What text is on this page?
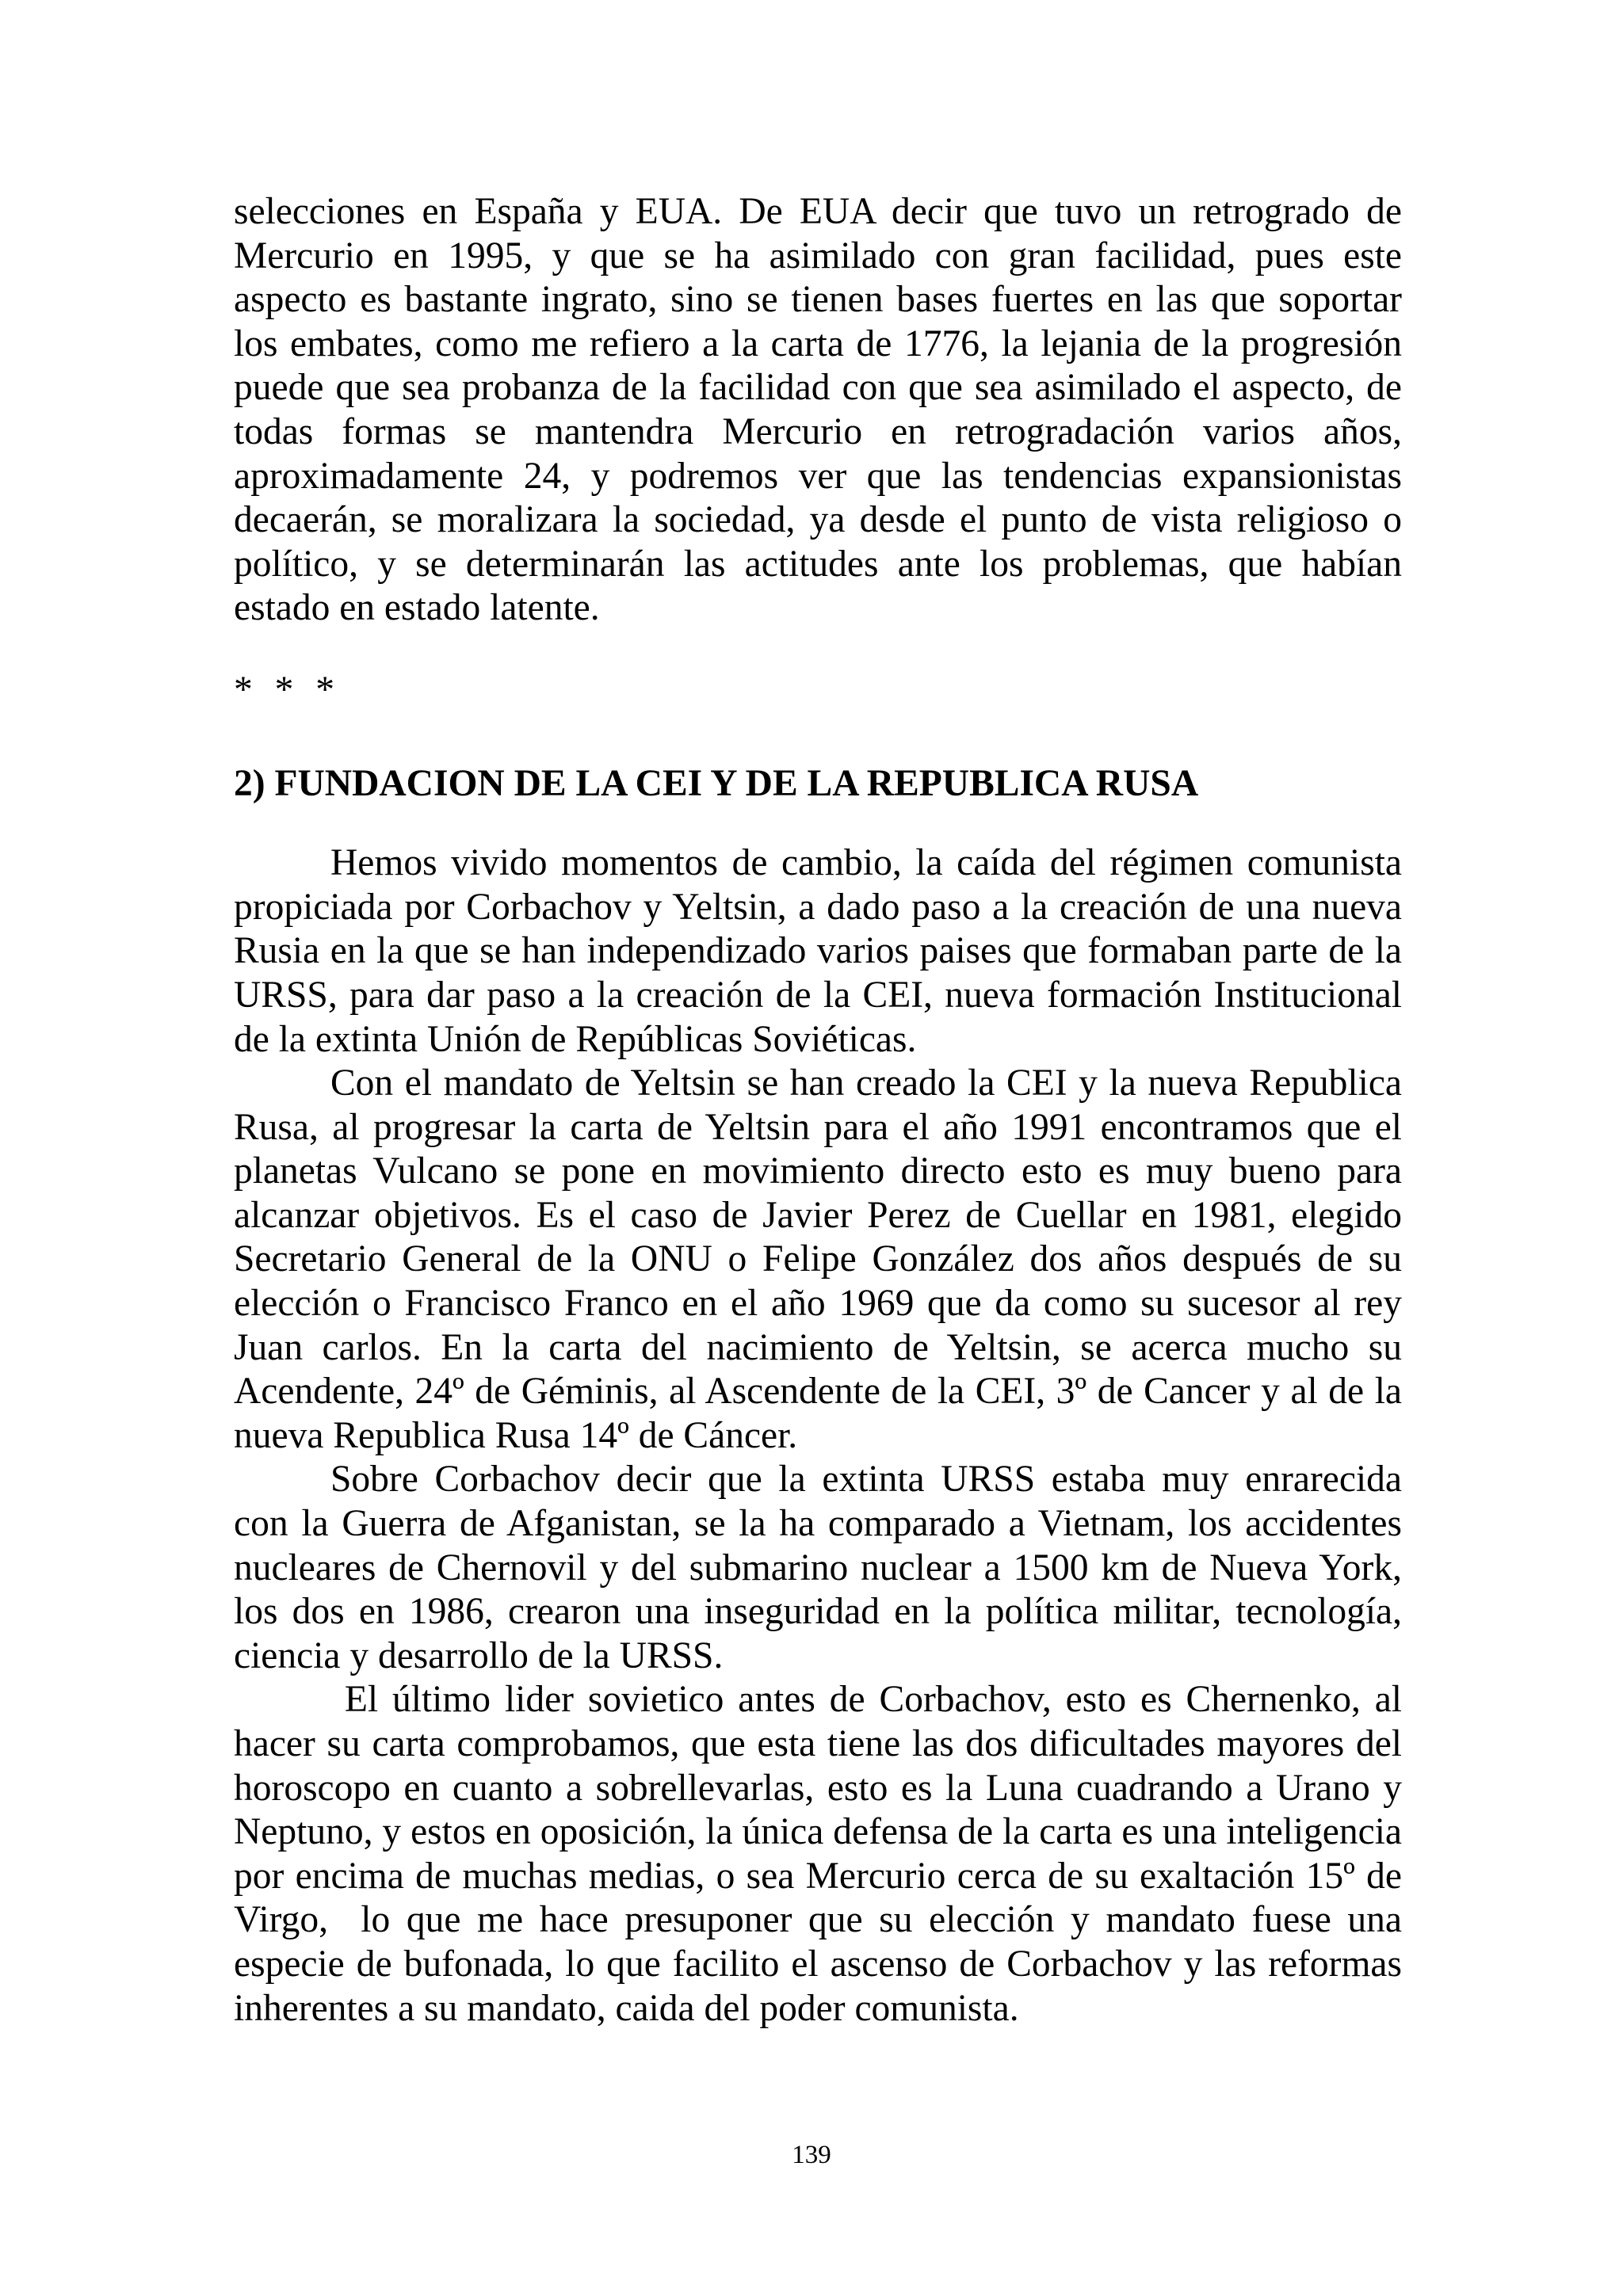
selecciones en España y EUA. De EUA decir que tuvo un retrogrado de Mercurio en 1995, y que se ha asimilado con gran facilidad, pues este aspecto es bastante ingrato, sino se tienen bases fuertes en las que soportar los embates, como me refiero a la carta de 1776, la lejania de la progresión puede que sea probanza de la facilidad con que sea asimilado el aspecto, de todas formas se mantendra Mercurio en retrogradación varios años, aproximadamente 24, y podremos ver que las tendencias expansionistas decaerán, se moralizara la sociedad, ya desde el punto de vista religioso o político, y se determinarán las actitudes ante los problemas, que habían estado en estado latente.

* * *

2) FUNDACION DE LA CEI Y DE LA REPUBLICA RUSA

Hemos vivido momentos de cambio, la caída del régimen comunista propiciada por Corbachov y Yeltsin, a dado paso a la creación de una nueva Rusia en la que se han independizado varios paises que formaban parte de la URSS, para dar paso a la creación de la CEI, nueva formación Institucional de la extinta Unión de Repúblicas Soviéticas.

Con el mandato de Yeltsin se han creado la CEI y la nueva Republica Rusa, al progresar la carta de Yeltsin para el año 1991 encontramos que el planetas Vulcano se pone en movimiento directo esto es muy bueno para alcanzar objetivos. Es el caso de Javier Perez de Cuellar en 1981, elegido Secretario General de la ONU o Felipe González dos años después de su elección o Francisco Franco en el año 1969 que da como su sucesor al rey Juan carlos. En la carta del nacimiento de Yeltsin, se acerca mucho su Acendente, 24º de Géminis, al Ascendente de la CEI, 3º de Cancer y al de la nueva Republica Rusa 14º de Cáncer.

Sobre Corbachov decir que la extinta URSS estaba muy enrarecida con la Guerra de Afganistan, se la ha comparado a Vietnam, los accidentes nucleares de Chernovil y del submarino nuclear a 1500 km de Nueva York, los dos en 1986, crearon una inseguridad en la política militar, tecnología, ciencia y desarrollo de la URSS.

El último lider sovietico antes de Corbachov, esto es Chernenko, al hacer su carta comprobamos, que esta tiene las dos dificultades mayores del horoscopo en cuanto a sobrellevarlas, esto es la Luna cuadrando a Urano y Neptuno, y estos en oposición, la única defensa de la carta es una inteligencia por encima de muchas medias, o sea Mercurio cerca de su exaltación 15º de Virgo,  lo que me hace presuponer que su elección y mandato fuese una especie de bufonada, lo que facilito el ascenso de Corbachov y las reformas inherentes a su mandato, caida del poder comunista.

139
